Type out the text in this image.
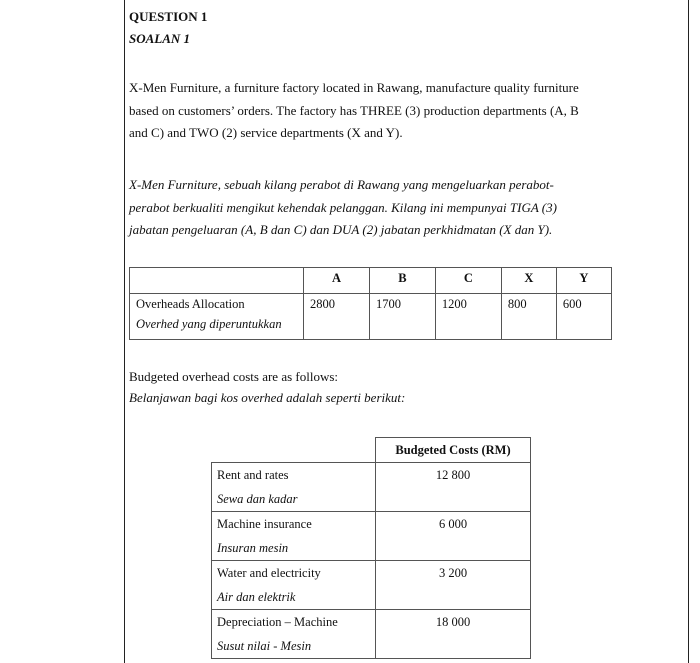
QUESTION 1
SOALAN 1
X-Men Furniture, a furniture factory located in Rawang, manufacture quality furniture
based on customers’ orders. The factory has THREE (3) production departments (A, B
and C) and TWO (2) service departments (X and Y).
X-Men Furniture, sebuah kilang perabot di Rawang yang mengeluarkan perabot-
perabot berkualiti mengikut kehendak pelanggan. Kilang ini mempunyai TIGA (3)
jabatan pengeluaran (A, B dan C) dan DUA (2) jabatan perkhidmatan (X dan Y).
	A	B	C	X	Y
Overheads Allocation	2800	1700	1200	800	600
Overhed yang diperuntukkan					
Budgeted overhead costs are as follows:
Belanjawan bagi kos overhed adalah seperti berikut:
	Budgeted Costs (RM)

Rent and rates
Sewa dan kadar	12 800

Machine insurance
Insuran mesin	6 000

Water and electricity
Air dan elektrik	3 200

Depreciation – Machine
Susut nilai - Mesin	18 000
